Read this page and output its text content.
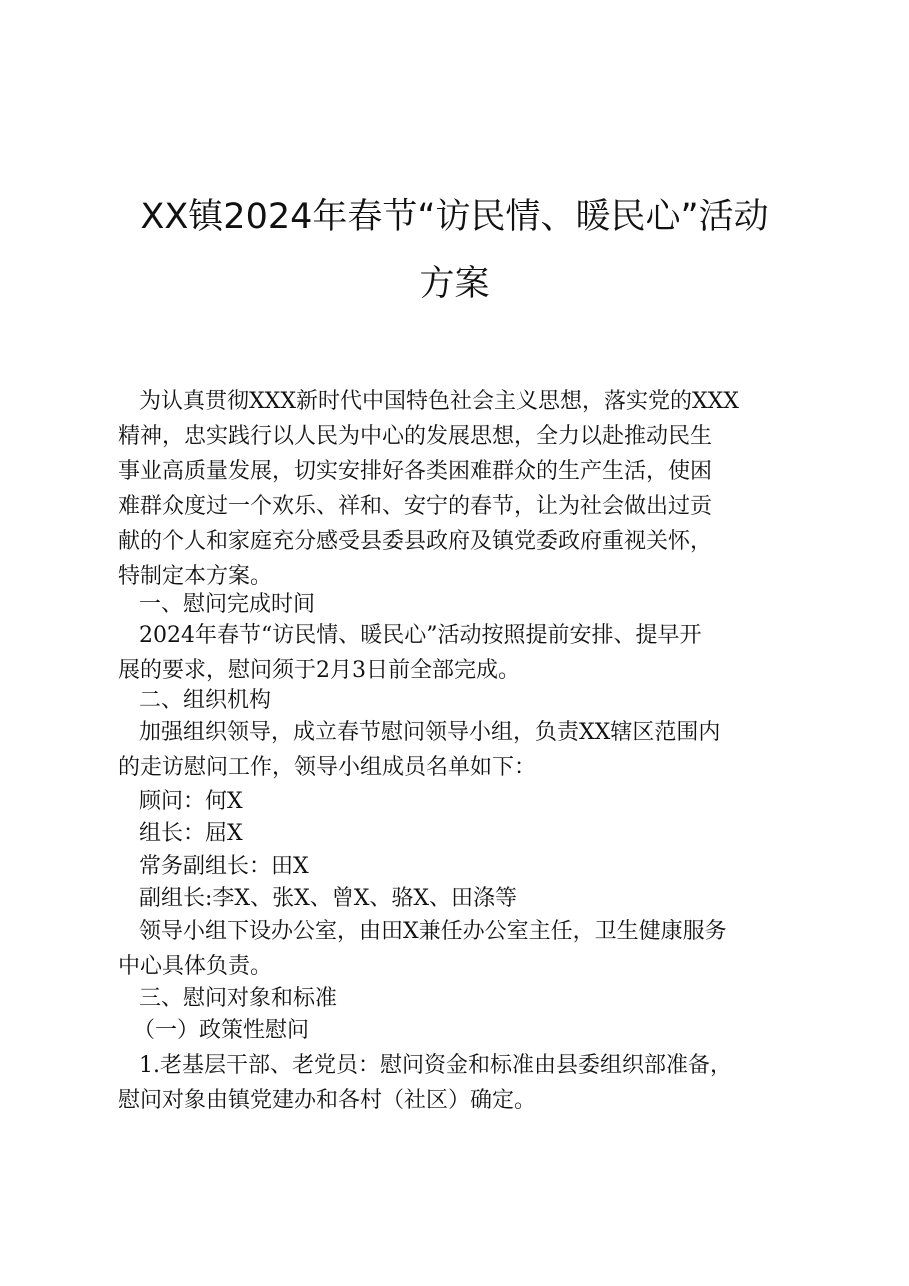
XX镇2024年春节“访民情、暖民心”活动
方案
为认真贯彻XXX新时代中国特色社会主义思想，落实党的XXX
精神，忠实践行以人民为中心的发展思想，全力以赴推动民生
事业高质量发展，切实安排好各类困难群众的生产生活，使困
难群众度过一个欢乐、祥和、安宁的春节，让为社会做出过贡
献的个人和家庭充分感受县委县政府及镇党委政府重视关怀，
特制定本方案。
一、慰问完成时间
2024年春节“访民情、暖民心”活动按照提前安排、提早开
展的要求，慰问须于2月3日前全部完成。
二、组织机构
加强组织领导，成立春节慰问领导小组，负责XX辖区范围内
的走访慰问工作，领导小组成员名单如下：
顾问：何X
组长：屈X
常务副组长：田X
副组长:李X、张X、曾X、骆X、田涤等
领导小组下设办公室，由田X兼任办公室主任，卫生健康服务
中心具体负责。
三、慰问对象和标准
（一）政策性慰问
1.老基层干部、老党员：慰问资金和标准由县委组织部准备，
慰问对象由镇党建办和各村（社区）确定。
